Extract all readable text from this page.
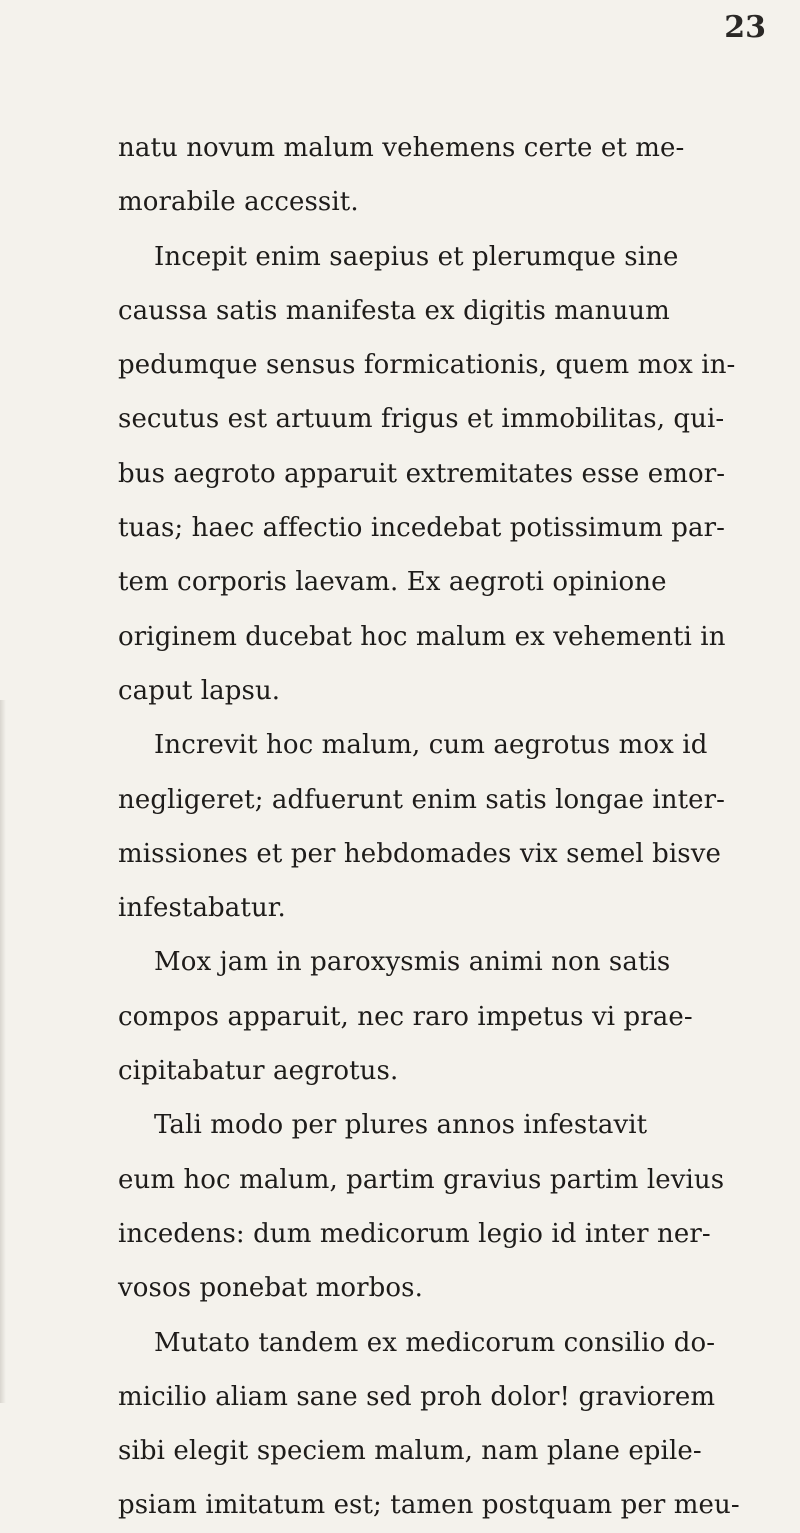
23
natu novum malum vehemens certe et me-
morabile accessit.
Incepit enim saepius et plerumque sine
caussa satis manifesta ex digitis manuum
pedumque sensus formicationis, quem mox in-
secutus est artuum frigus et immobilitas, qui-
bus aegroto apparuit extremitates esse emor-
tuas; haec affectio incedebat potissimum par-
tem corporis laevam. Ex aegroti opinione
originem ducebat hoc malum ex vehementi in
caput lapsu.
Increvit hoc malum, cum aegrotus mox id
negligeret; adfuerunt enim satis longae inter-
missiones et per hebdomades vix semel bisve
infestabatur.
Mox jam in paroxysmis animi non satis
compos apparuit, nec raro impetus vi prae-
cipitabatur aegrotus.
Tali modo per plures annos infestavit
eum hoc malum, partim gravius partim levius
incedens: dum medicorum legio id inter ner-
vosos ponebat morbos.
Mutato tandem ex medicorum consilio do-
micilio aliam sane sed proh dolor! graviorem
sibi elegit speciem malum, nam plane epile-
psiam imitatum est; tamen postquam per meu-
